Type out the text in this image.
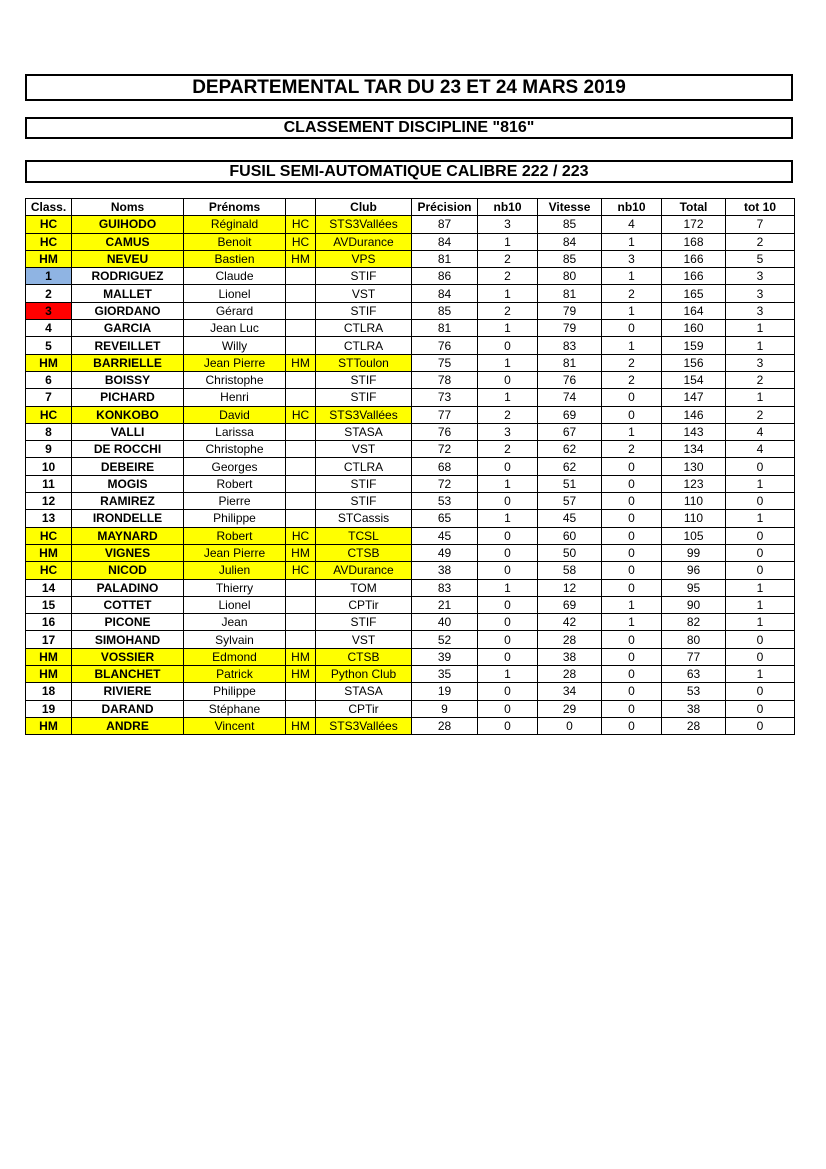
DEPARTEMENTAL TAR DU 23 ET 24 MARS 2019
CLASSEMENT DISCIPLINE "816"
FUSIL SEMI-AUTOMATIQUE CALIBRE 222 / 223
Class.	Noms	Prénoms		Club	Précision	nb10	Vitesse	nb10	Total	tot 10
HC	GUIHODO	Réginald	HC	STS3Vallées	87	3	85	4	172	7
HC	CAMUS	Benoit	HC	AVDurance	84	1	84	1	168	2
HM	NEVEU	Bastien	HM	VPS	81	2	85	3	166	5
1	RODRIGUEZ	Claude		STIF	86	2	80	1	166	3
2	MALLET	Lionel		VST	84	1	81	2	165	3
3	GIORDANO	Gérard		STIF	85	2	79	1	164	3
4	GARCIA	Jean Luc		CTLRA	81	1	79	0	160	1
5	REVEILLET	Willy		CTLRA	76	0	83	1	159	1
HM	BARRIELLE	Jean Pierre	HM	STToulon	75	1	81	2	156	3
6	BOISSY	Christophe		STIF	78	0	76	2	154	2
7	PICHARD	Henri		STIF	73	1	74	0	147	1
HC	KONKOBO	David	HC	STS3Vallées	77	2	69	0	146	2
8	VALLI	Larissa		STASA	76	3	67	1	143	4
9	DE ROCCHI	Christophe		VST	72	2	62	2	134	4
10	DEBEIRE	Georges		CTLRA	68	0	62	0	130	0
11	MOGIS	Robert		STIF	72	1	51	0	123	1
12	RAMIREZ	Pierre		STIF	53	0	57	0	110	0
13	IRONDELLE	Philippe		STCassis	65	1	45	0	110	1
HC	MAYNARD	Robert	HC	TCSL	45	0	60	0	105	0
HM	VIGNES	Jean Pierre	HM	CTSB	49	0	50	0	99	0
HC	NICOD	Julien	HC	AVDurance	38	0	58	0	96	0
14	PALADINO	Thierry		TOM	83	1	12	0	95	1
15	COTTET	Lionel		CPTir	21	0	69	1	90	1
16	PICONE	Jean		STIF	40	0	42	1	82	1
17	SIMOHAND	Sylvain		VST	52	0	28	0	80	0
HM	VOSSIER	Edmond	HM	CTSB	39	0	38	0	77	0
HM	BLANCHET	Patrick	HM	Python Club	35	1	28	0	63	1
18	RIVIERE	Philippe		STASA	19	0	34	0	53	0
19	DARAND	Stéphane		CPTir	9	0	29	0	38	0
HM	ANDRE	Vincent	HM	STS3Vallées	28	0	0	0	28	0
